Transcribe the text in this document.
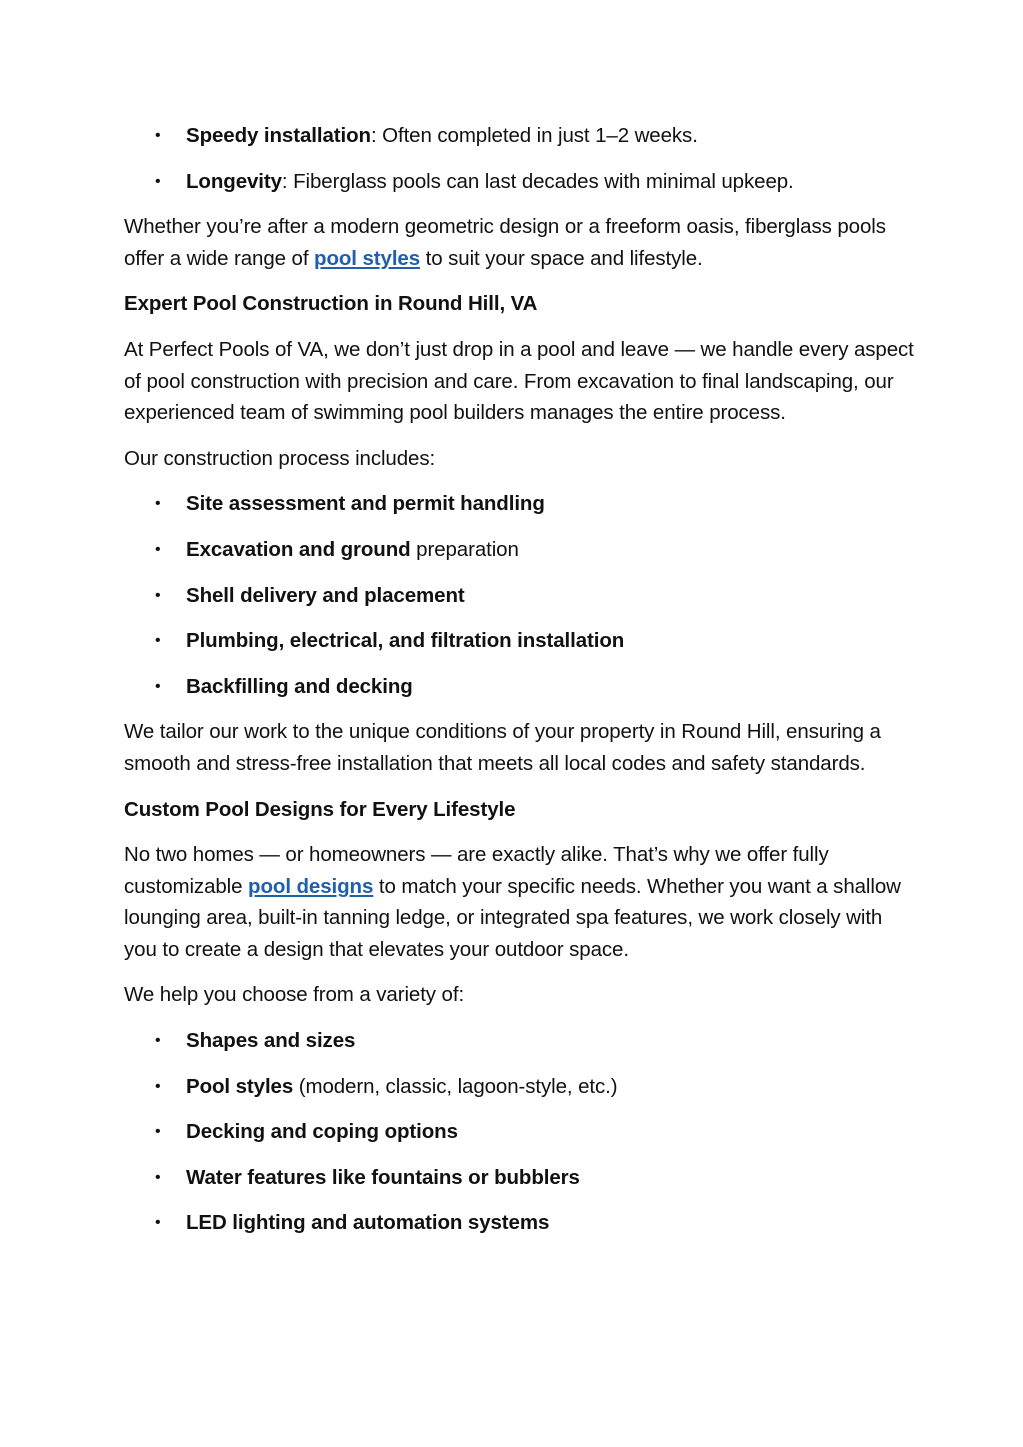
• Speedy installation: Often completed in just 1–2 weeks.
• Longevity: Fiberglass pools can last decades with minimal upkeep.

Whether you’re after a modern geometric design or a freeform oasis, fiberglass pools offer a wide range of pool styles to suit your space and lifestyle.

Expert Pool Construction in Round Hill, VA

At Perfect Pools of VA, we don’t just drop in a pool and leave — we handle every aspect of pool construction with precision and care. From excavation to final landscaping, our experienced team of swimming pool builders manages the entire process.

Our construction process includes:

• Site assessment and permit handling
• Excavation and ground preparation
• Shell delivery and placement
• Plumbing, electrical, and filtration installation
• Backfilling and decking

We tailor our work to the unique conditions of your property in Round Hill, ensuring a smooth and stress-free installation that meets all local codes and safety standards.

Custom Pool Designs for Every Lifestyle

No two homes — or homeowners — are exactly alike. That’s why we offer fully customizable pool designs to match your specific needs. Whether you want a shallow lounging area, built-in tanning ledge, or integrated spa features, we work closely with you to create a design that elevates your outdoor space.

We help you choose from a variety of:

• Shapes and sizes
• Pool styles (modern, classic, lagoon-style, etc.)
• Decking and coping options
• Water features like fountains or bubblers
• LED lighting and automation systems
